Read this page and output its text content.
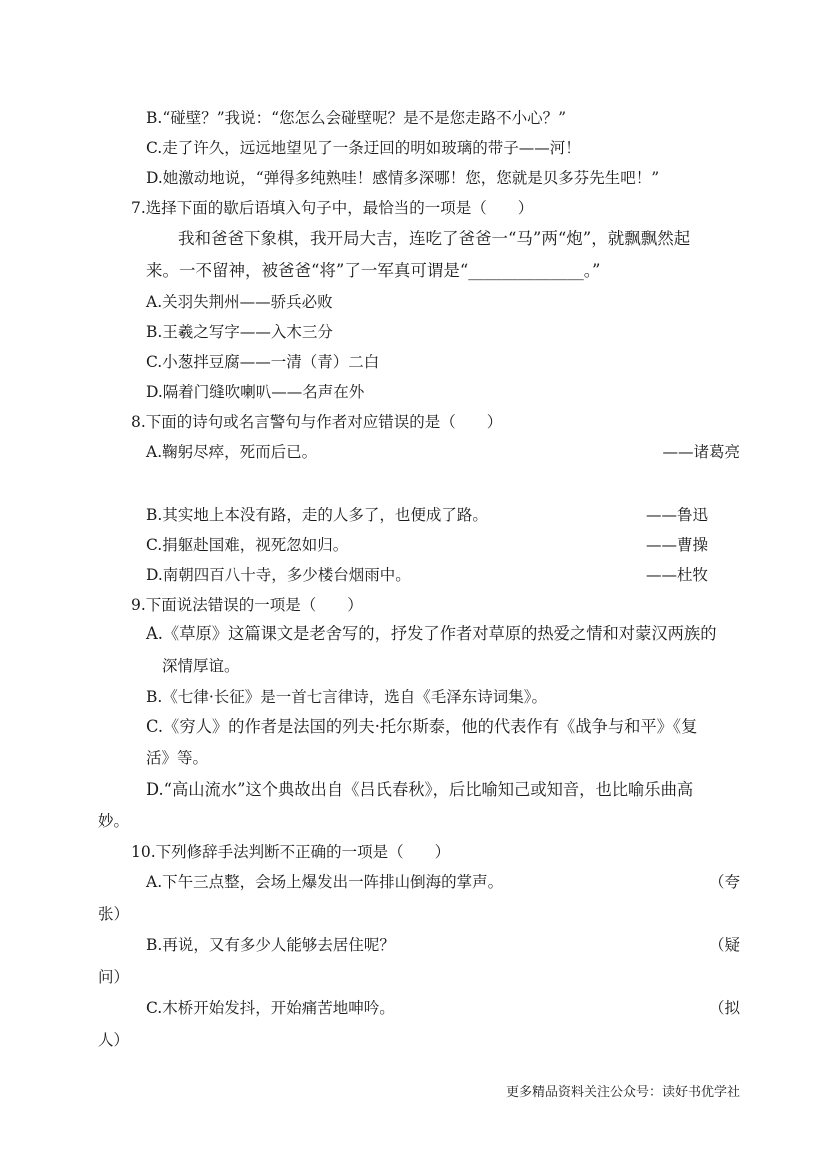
B.“碰壁？”我说：“您怎么会碰壁呢？是不是您走路不小心？”
C.走了许久，远远地望见了一条迂回的明如玻璃的带子——河！
D.她激动地说，“弹得多纯熟哇！感情多深哪！您，您就是贝多芬先生吧！”
7.选择下面的歇后语填入句子中，最恰当的一项是（　　）
我和爸爸下象棋，我开局大吉，连吃了爸爸一“马”两“炮”，就飘飘然起
来。一不留神，被爸爸“将”了一军真可谓是“______________。”
A.关羽失荆州——骄兵必败
B.王羲之写字——入木三分
C.小葱拌豆腐——一清（青）二白
D.隔着门缝吹喇叭——名声在外
8.下面的诗句或名言警句与作者对应错误的是（　　）
A.鞠躬尽瘁，死而后已。	——诸葛亮
B.其实地上本没有路，走的人多了，也便成了路。	——鲁迅
C.捐躯赴国难，视死忽如归。	——曹操
D.南朝四百八十寺，多少楼台烟雨中。	——杜牧
9.下面说法错误的一项是（　　）
A.《草原》这篇课文是老舍写的，抒发了作者对草原的热爱之情和对蒙汉两族的
深情厚谊。
B.《七律·长征》是一首七言律诗，选自《毛泽东诗词集》。
C.《穷人》的作者是法国的列夫·托尔斯泰，他的代表作有《战争与和平》《复
活》等。
D.“高山流水”这个典故出自《吕氏春秋》，后比喻知己或知音，也比喻乐曲高
妙。
10.下列修辞手法判断不正确的一项是（　　）
A.下午三点整，会场上爆发出一阵排山倒海的掌声。	（夸
张）
B.再说，又有多少人能够去居住呢？	（疑
问）
C.木桥开始发抖，开始痛苦地呻吟。	（拟
人）
更多精品资料关注公众号：读好书优学社
